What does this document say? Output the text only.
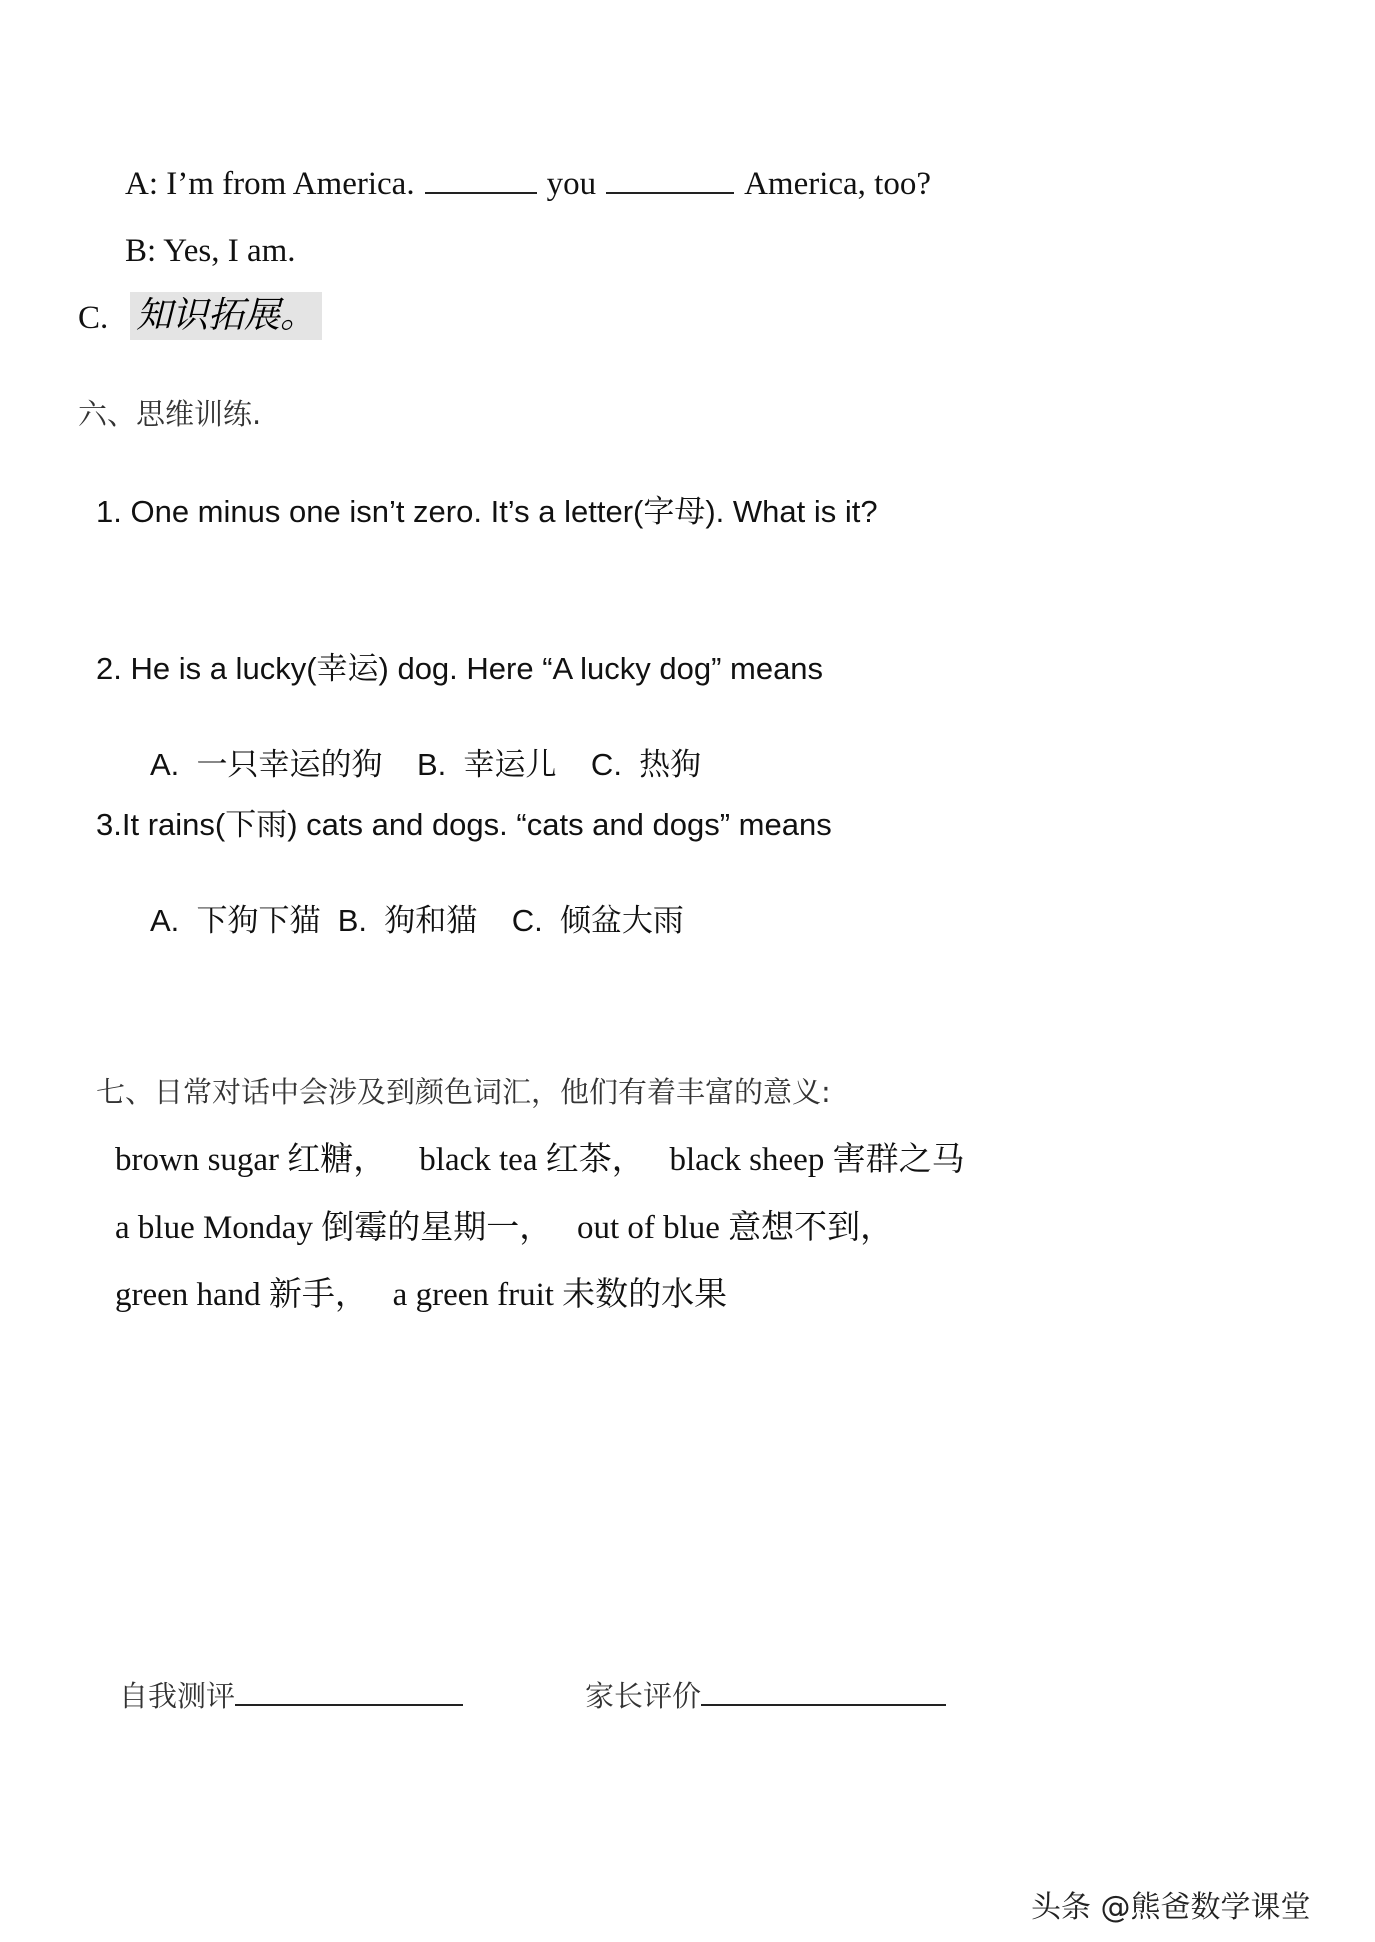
A: I’m from America.	you	America, too?
B: Yes, I am.
C. 知识拓展。
六、思维训练.
1. One minus one isn’t zero. It’s a letter(字母). What is it?
2. He is a lucky(幸运) dog. Here “A lucky dog” means
A.  一只幸运的狗    B.  幸运儿    C.  热狗
3.It rains(下雨) cats and dogs. “cats and dogs” means
A.  下狗下猫  B.  狗和猫    C.  倾盆大雨
七、日常对话中会涉及到颜色词汇，他们有着丰富的意义:
brown sugar 红糖，    black tea 红茶，   black sheep 害群之马
a blue Monday 倒霉的星期一，   out of blue 意想不到，
green hand 新手，   a green fruit 未数的水果
自我测评	家长评价
头条 @熊爸数学课堂
